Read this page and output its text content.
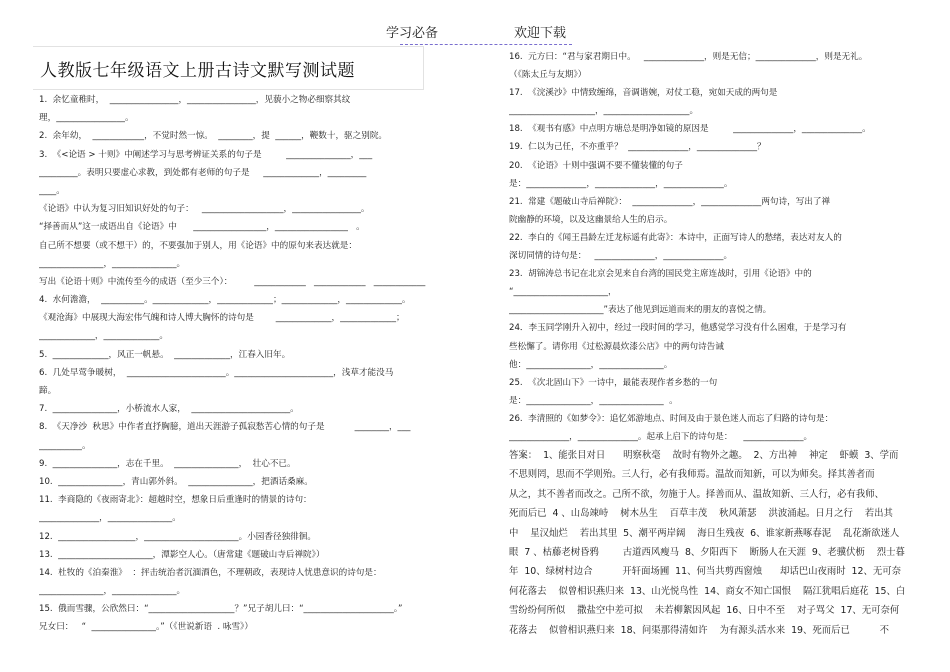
学习必备	欢迎下载
人教版七年级语文上册古诗文默写测试题
1.  余忆童稚时，  ________________，________________，见藐小之物必细察其纹
理，________________。
2.  余年幼，  ____________，不觉时然一惊。  ________，提  ______，鞭数十，驱之别院。
3.  《<论语 > 十则》中阐述学习与思考辨证关系的句子是         _______________，___
_________。表明只要虚心求教，到处都有老师的句子是     _____________，_________
____。
《论语》中认为复习旧知识好处的句子：   ___________________，________________。
“择善而从”这一成语出自《论语》中      _________________，_________________   。
自己所不想要（或不想干）的，不要强加于别人，用《论语》中的原句来表达就是：
_______________，_______________。
写出《论语十则》中流传至今的成语（至少三个）：        ____________   ____________   ____________
4.  水何澹澹，  __________。_____________，_____________；_____________，_____________。
《观沧海》中展现大海宏伟气魄和诗人博大胸怀的诗句是        _____________，_____________；
_____________，_____________。
5.  _____________，风正一帆悬。  _____________，江春入旧年。
6.  几处早莺争暖树，  _______________________。_______________________，浅草才能没马
蹄。
7.  _______________，小桥流水人家，  _______________________。
8.  《天净沙  秋思》中作者直抒胸臆，道出天涯游子孤寂愁苦心情的句子是           ________，___
__________。
9.  _______________，志在千里。  _______________，  壮心不已。
10.  _______________，青山郭外斜。  _______________，把酒话桑麻。
11.  李商隐的《夜雨寄北》：超越时空，想象日后重逢时的情景的诗句：
______________，_______________。
12.  __________________，______________________。小园香径独徘徊。
13.  ______________________，潭影空人心。（唐常建《题破山寺后禅院》）
14.  杜牧的《泊秦淮》  ：抨击统治者沉湎酒色，不理朝政，表现诗人忧患意识的诗句是：
_______________，_______________。
15.  俄而雪骤，公欣然曰：“____________________？”兄子胡儿曰：“_____________________。”
兄女曰：   “  _______________。”（《世说新语  . 咏雪》）
16.  元方曰：“君与家君期日中。   ______________，则是无信；______________，则是无礼。
（《陈太丘与友期》）
17.  《浣溪沙》中情致缠绵，音调谐婉，对仗工稳，宛如天成的两句是
____________________，____________________。
18.  《观书有感》中点明方塘总是明净如镜的原因是         ______________，______________。
19.  仁以为己任，不亦重乎？  ______________，______________？
20.  《论语》十则中强调不要不懂装懂的句子
是：______________，______________，______________。
21.  常建《题破山寺后禅院》：  ______________，______________两句诗，写出了禅
院幽静的环境，以及这幽景给人生的启示。
22.  李白的《闻王昌龄左迁龙标遥有此寄》：本诗中，正面写诗人的愁绪，表达对友人的
深切同情的诗句是：   ______________，______________。
23.  胡锦涛总书记在北京会见来自台湾的国民党主席连战时，引用《论语》中的
“______________________，
______________________”表达了他见到远道而来的朋友的喜悦之情。
24．李玉同学刚升入初中，经过一段时间的学习，他感觉学习没有什么困难，于是学习有
些松懈了。请你用《过松源晨炊漆公店》中的两句诗告诫
他：_______________，_______________。
25.  《次北固山下》一诗中，最能表现作者乡愁的一句
是：_______________，_______________  。
26.  李清照的《如梦令》：追忆郊游地点、时间及由于景色迷人而忘了归路的诗句是：
______________，______________。起承上启下的诗句是：    ______________。
答案：  1、能张目对日      明察秋毫    故时有物外之趣。  2、方出神    神定    虾蟆  3、学而
不思则罔，思而不学则殆。三人行，必有我师焉。温故而知新，可以为师矣。择其善者而
从之，其不善者而改之。己所不欲，勿施于人。择善而从、温故知新、三人行，必有我师、
死而后已  4 、山岛竦峙    树木丛生    百草丰茂    秋风萧瑟    洪波涌起。日月之行    若出其
中    星汉灿烂    若出其里  5、潮平两岸阔    海日生残夜  6、谁家新燕啄春泥    乱花渐欲迷人
眼  7 、枯藤老树昏鸦        古道西风瘦马  8、夕阳西下    断肠人在天涯  9、老骥伏枥    烈士暮
年  10、绿树村边合          开轩面场圃  11、何当共剪西窗烛      却话巴山夜雨时  12、无可奈
何花落去    似曾相识燕归来  13、山光悦鸟性  14、商女不知亡国恨    隔江犹唱后庭花  15、白
雪纷纷何所似    撒盐空中差可拟    未若柳絮因风起  16、日中不至    对子骂父  17、无可奈何
花落去    似曾相识燕归来  18、问渠那得清如许    为有源头活水来  19、死而后已          不
